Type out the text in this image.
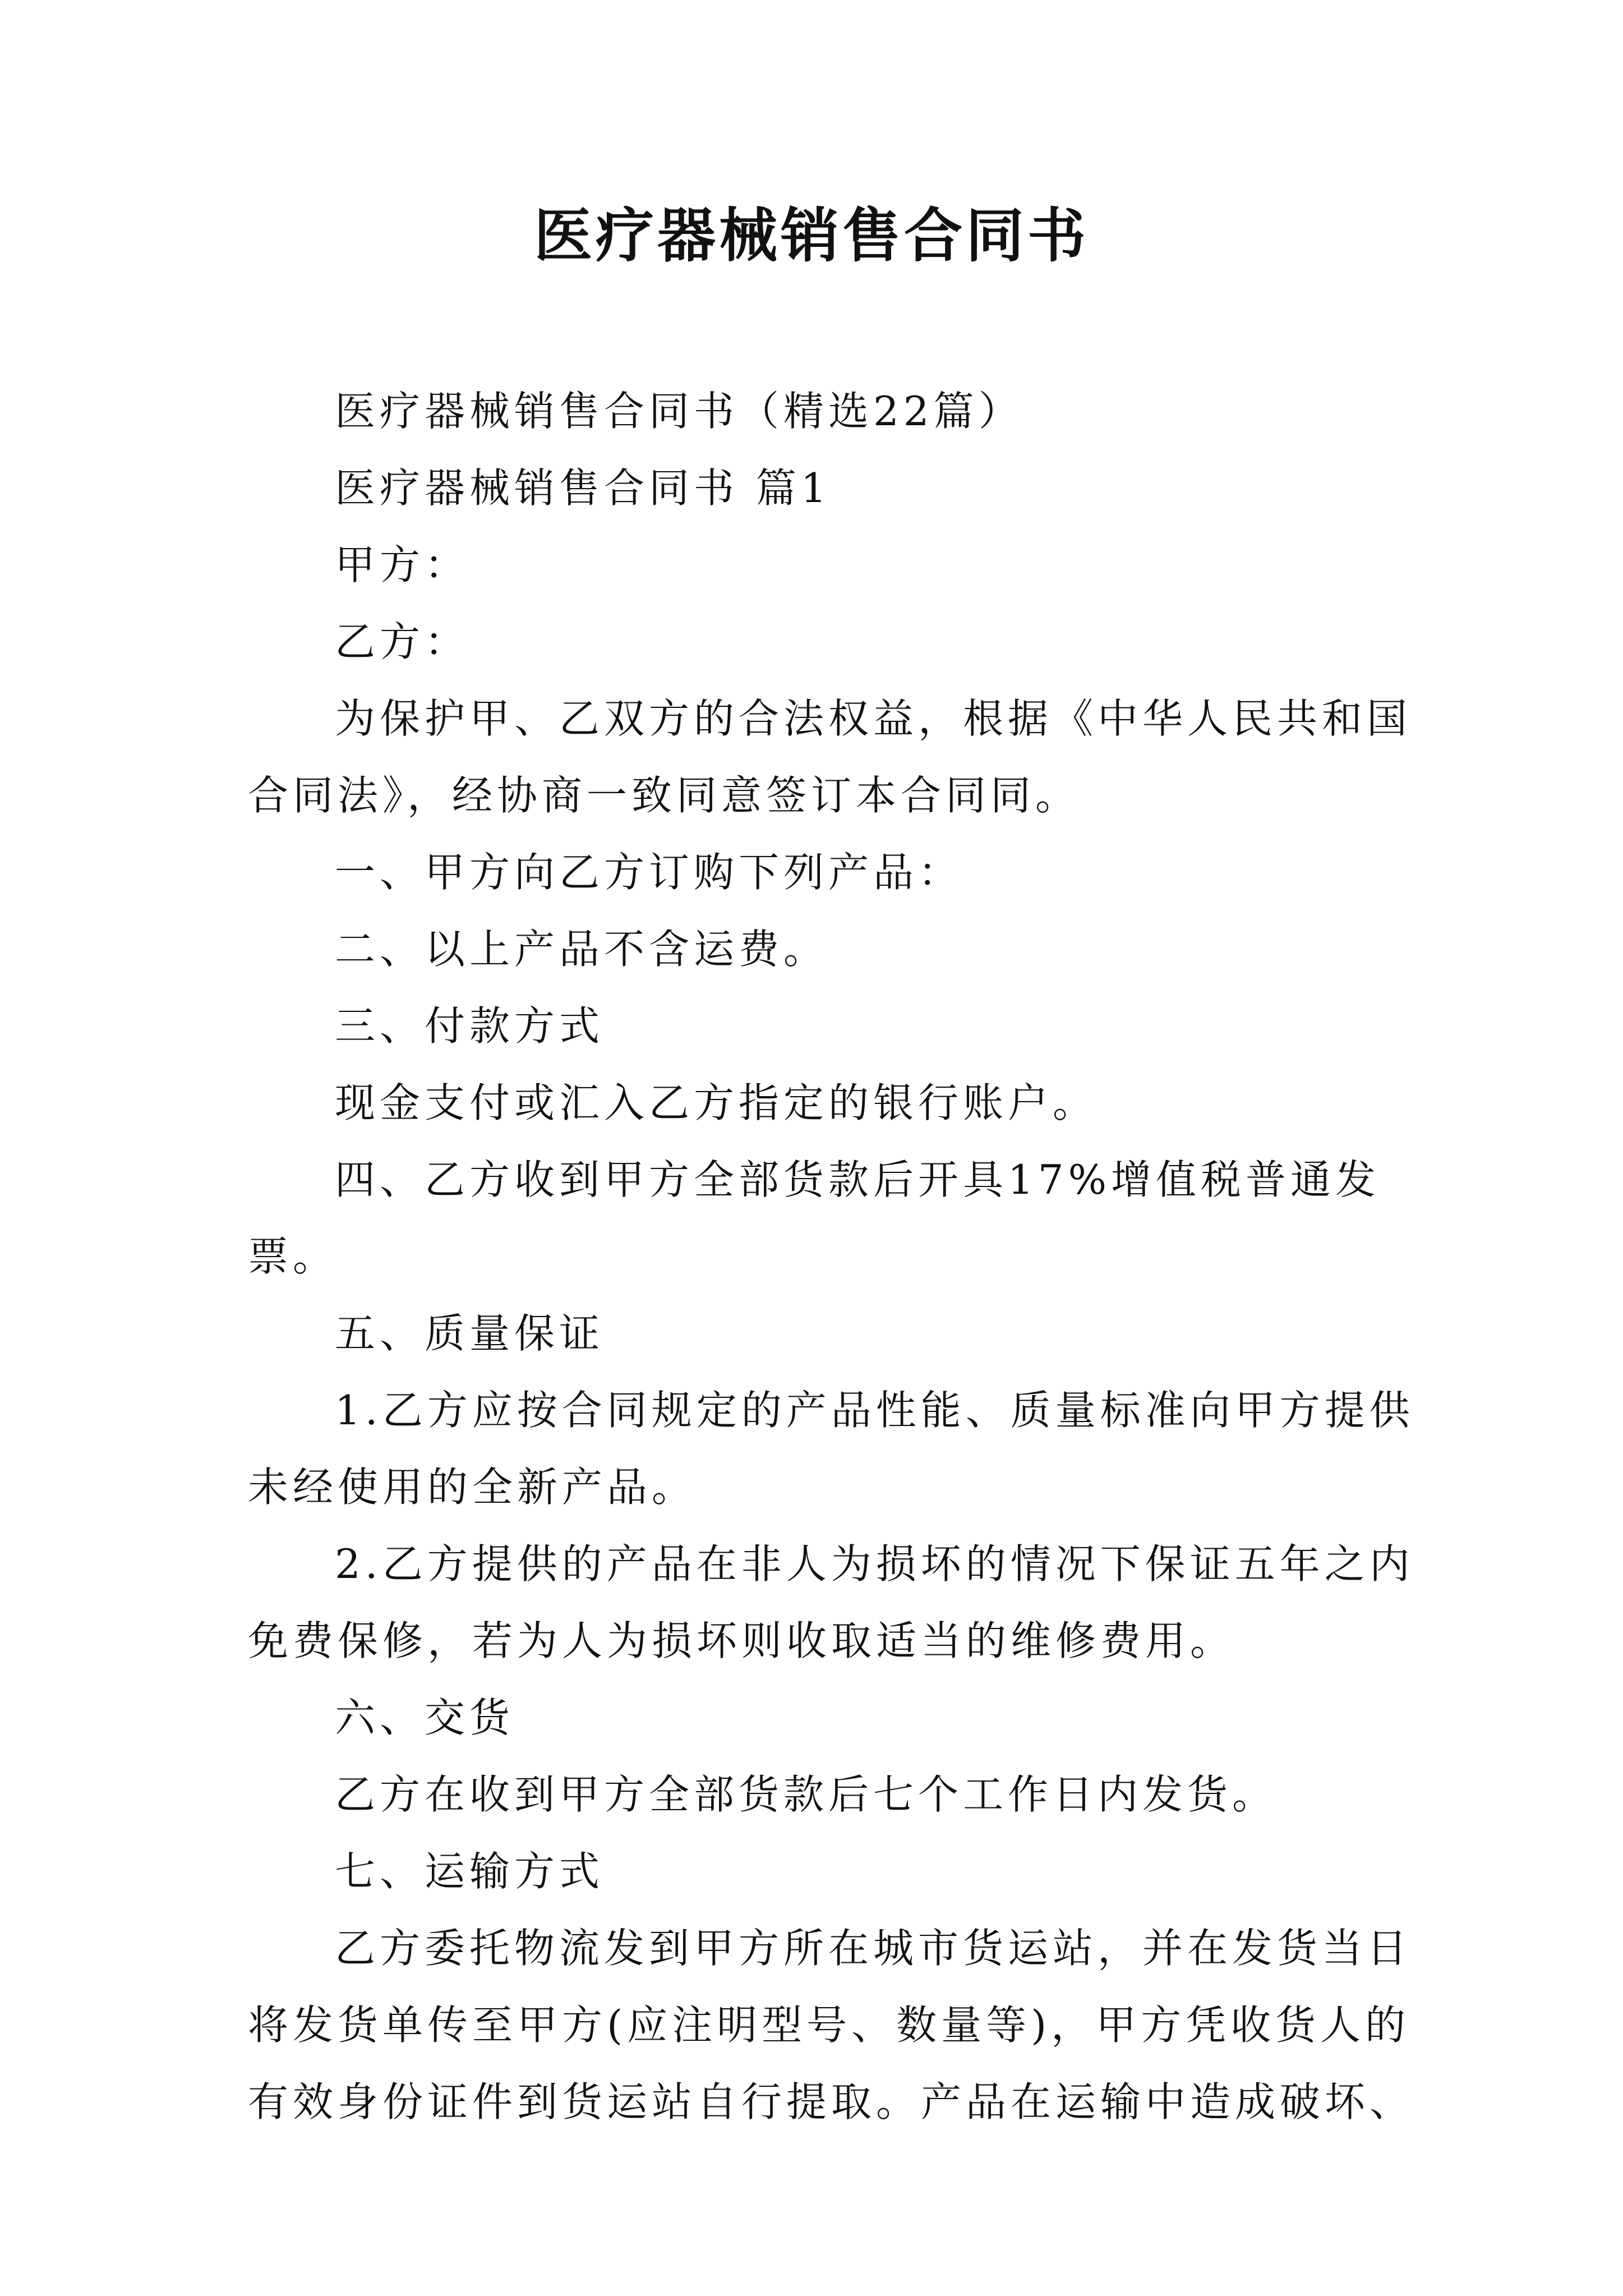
医疗器械销售合同书

医疗器械销售合同书（精选22篇）

医疗器械销售合同书 篇1

甲方：

乙方：

为保护甲、乙双方的合法权益，根据《中华人民共和国合同法》，经协商一致同意签订本合同同。

一、甲方向乙方订购下列产品：

二、以上产品不含运费。

三、付款方式

现金支付或汇入乙方指定的银行账户。

四、乙方收到甲方全部货款后开具17%增值税普通发票。

五、质量保证

1.乙方应按合同规定的产品性能、质量标准向甲方提供未经使用的全新产品。

2.乙方提供的产品在非人为损坏的情况下保证五年之内免费保修，若为人为损坏则收取适当的维修费用。

六、交货

乙方在收到甲方全部货款后七个工作日内发货。

七、运输方式

乙方委托物流发到甲方所在城市货运站，并在发货当日将发货单传至甲方(应注明型号、数量等)，甲方凭收货人的有效身份证件到货运站自行提取。产品在运输中造成破坏、
